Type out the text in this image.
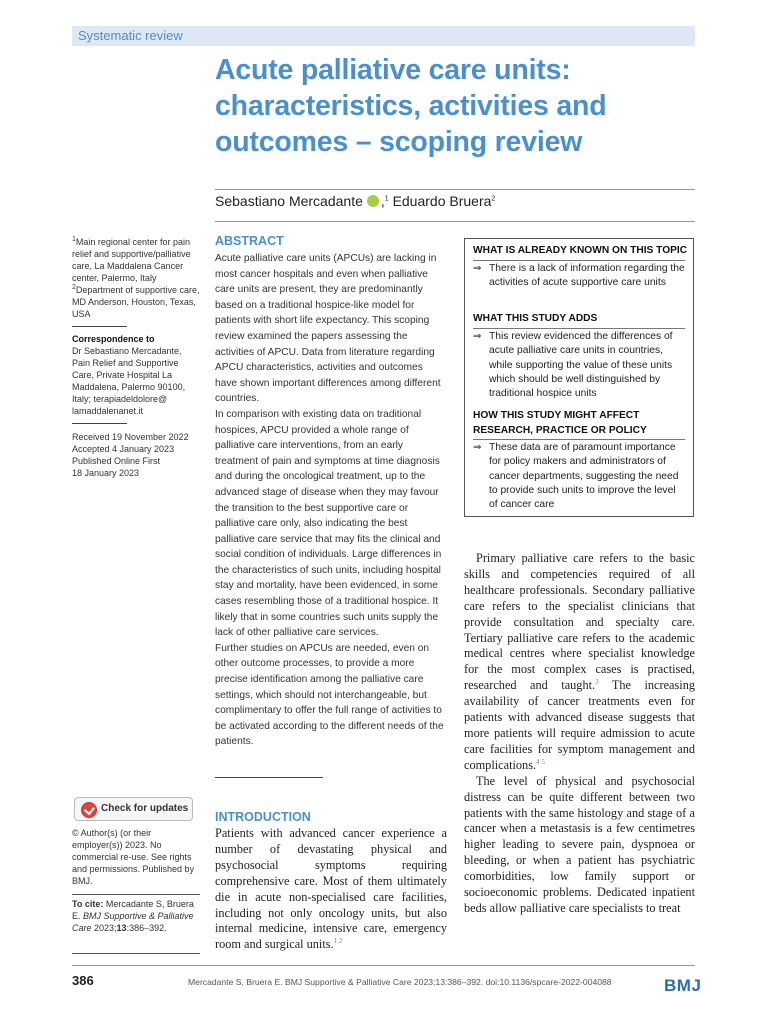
Systematic review
Acute palliative care units: characteristics, activities and outcomes – scoping review
Sebastiano Mercadante ,$^1$ Eduardo Bruera$^2$
$^1$Main regional center for pain relief and supportive/palliative care, La Maddalena Cancer center, Palermo, Italy
$^2$Department of supportive care, MD Anderson, Houston, Texas, USA
Correspondence to
Dr Sebastiano Mercadante, Pain Relief and Supportive Care, Private Hospital La Maddalena, Palermo 90100, Italy; terapiadeldolore@ lamaddalenanet.it
Received 19 November 2022
Accepted 4 January 2023
Published Online First
18 January 2023
Check for updates
© Author(s) (or their employer(s)) 2023. No commercial re-use. See rights and permissions. Published by BMJ.
To cite: Mercadante S, Bruera E. BMJ Supportive & Palliative Care 2023;13:386–392.
ABSTRACT

Acute palliative care units (APCUs) are lacking in most cancer hospitals and even when palliative care units are present, they are predominantly based on a traditional hospice-like model for patients with short life expectancy. This scoping review examined the papers assessing the activities of APCU. Data from literature regarding APCU characteristics, activities and outcomes have shown important differences among different countries.

In comparison with existing data on traditional hospices, APCU provided a whole range of palliative care interventions, from an early treatment of pain and symptoms at time diagnosis and during the oncological treatment, up to the advanced stage of disease when they may favour the transition to the best supportive care or palliative care only, also indicating the best palliative care service that may fits the clinical and social condition of individuals. Large differences in the characteristics of such units, including hospital stay and mortality, have been evidenced, in some cases resembling those of a traditional hospice. It likely that in some countries such units supply the lack of other palliative care services.

Further studies on APCUs are needed, even on other outcome processes, to provide a more precise identification among the palliative care settings, which should not interchangeable, but complimentary to offer the full range of activities to be activated according to the different needs of the patients.

WHAT IS ALREADY KNOWN ON THIS TOPIC
⇒ There is a lack of information regarding the activities of acute supportive care units
WHAT THIS STUDY ADDS
⇒ This review evidenced the differences of acute palliative care units in countries, while supporting the value of these units which should be well distinguished by traditional hospice units
HOW THIS STUDY MIGHT AFFECT RESEARCH, PRACTICE OR POLICY
⇒ These data are of paramount importance for policy makers and administrators of cancer departments, suggesting the need to provide such units to improve the level of cancer care

Primary palliative care refers to the basic skills and competencies required of all healthcare professionals. Secondary palliative care refers to the specialist clinicians that provide consultation and specialty care. Tertiary palliative care refers to the academic medical centres where specialist knowledge for the most complex cases is practised, researched and taught.$^3$ The increasing availability of cancer treatments even for patients with advanced disease suggests that more patients will require admission to acute care facilities for symptom management and complications.$^{4 5}$

The level of physical and psychosocial distress can be quite different between two patients with the same histology and stage of a cancer when a metastasis is a few centimetres higher leading to severe pain, dyspnoea or bleeding, or when a patient has psychiatric comorbidities, low family support or socioeconomic problems. Dedicated inpatient beds allow palliative care specialists to treat

INTRODUCTION

Patients with advanced cancer experience a number of devastating physical and psychosocial symptoms requiring comprehensive care. Most of them ultimately die in acute non-specialised care facilities, including not only oncology units, but also internal medicine, intensive care, emergency room and surgical units.$^{1 2}$

386	Mercadante S, Bruera E. BMJ Supportive & Palliative Care 2023;13:386–392. doi:10.1136/spcare-2022-004088	BMJ
